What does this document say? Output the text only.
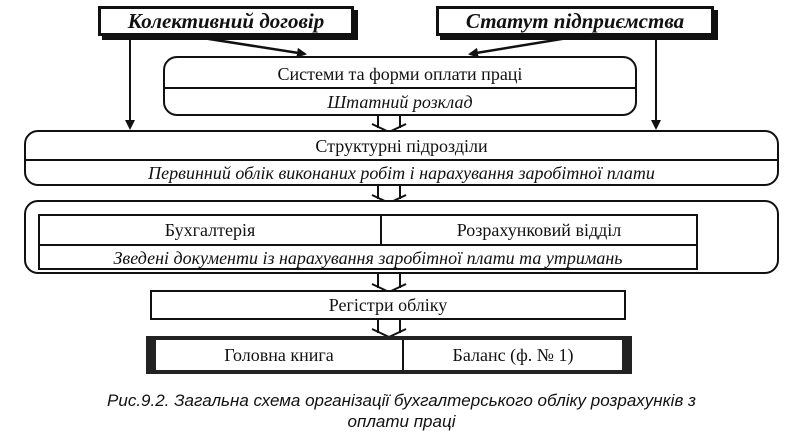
Колективний договір	Статут підприємства
Системи та форми оплати праці
Штатний розклад
Структурні підрозділи
Первинний облік виконаних робіт і нарахування заробітної плати
Бухгалтерія	Розрахунковий відділ
Зведені документи із нарахування заробітної плати та утримань
Регістри обліку
Головна книга	Баланс (ф. № 1)
Рис.9.2. Загальна схема організації бухгалтерського обліку розрахунків з
оплати праці
